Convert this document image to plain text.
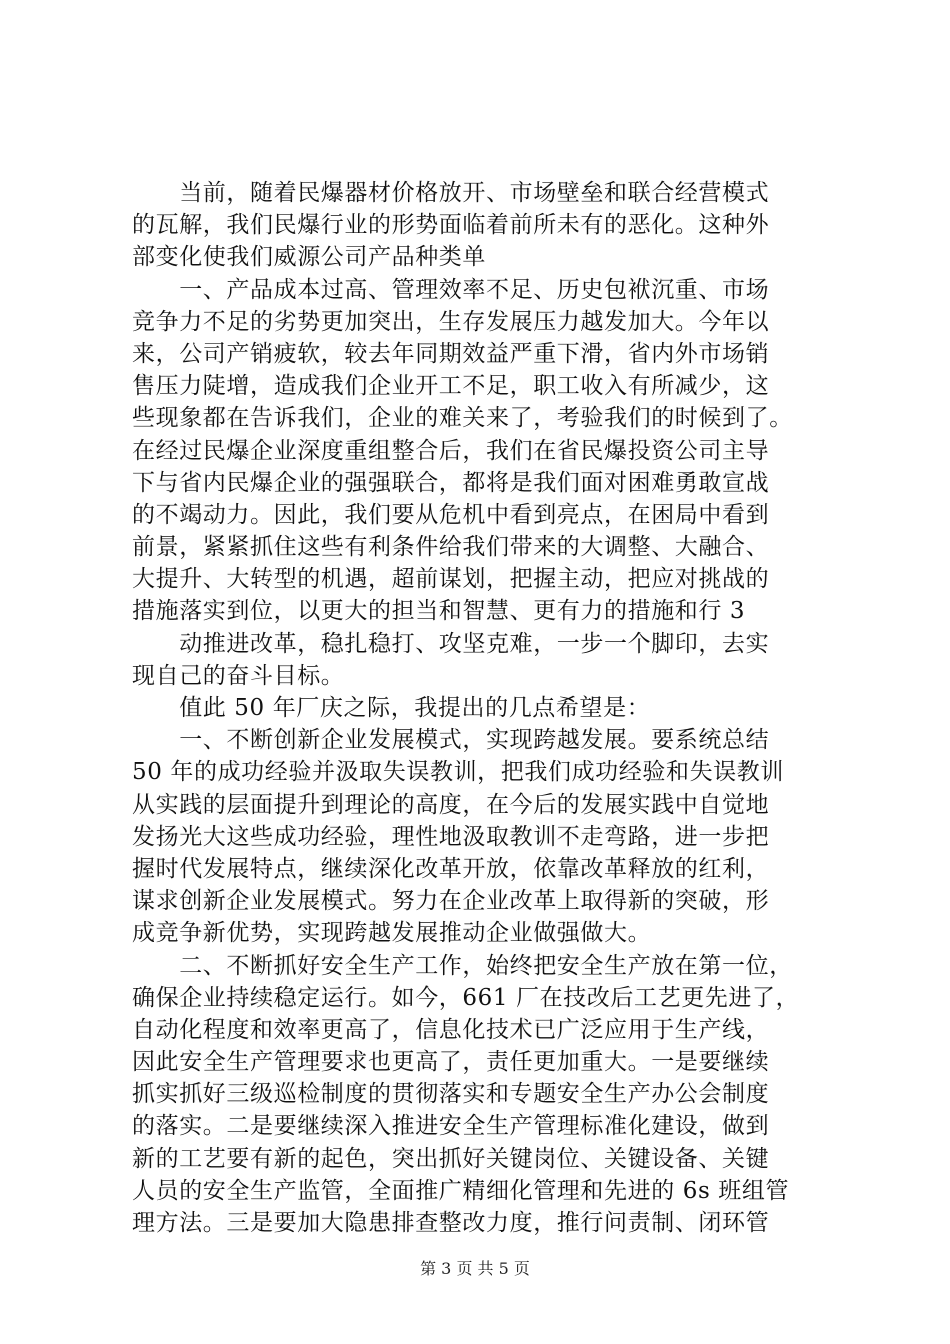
　　当前，随着民爆器材价格放开、市场壁垒和联合经营模式
的瓦解，我们民爆行业的形势面临着前所未有的恶化。这种外
部变化使我们威源公司产品种类单
　　一、产品成本过高、管理效率不足、历史包袱沉重、市场
竞争力不足的劣势更加突出，生存发展压力越发加大。今年以
来，公司产销疲软，较去年同期效益严重下滑，省内外市场销
售压力陡增，造成我们企业开工不足，职工收入有所减少，这
些现象都在告诉我们，企业的难关来了，考验我们的时候到了。
在经过民爆企业深度重组整合后，我们在省民爆投资公司主导
下与省内民爆企业的强强联合，都将是我们面对困难勇敢宣战
的不竭动力。因此，我们要从危机中看到亮点，在困局中看到
前景，紧紧抓住这些有利条件给我们带来的大调整、大融合、
大提升、大转型的机遇，超前谋划，把握主动，把应对挑战的
措施落实到位，以更大的担当和智慧、更有力的措施和行 3
　　动推进改革，稳扎稳打、攻坚克难，一步一个脚印，去实
现自己的奋斗目标。
　　值此 50 年厂庆之际，我提出的几点希望是：
　　一、不断创新企业发展模式，实现跨越发展。要系统总结
50 年的成功经验并汲取失误教训，把我们成功经验和失误教训
从实践的层面提升到理论的高度，在今后的发展实践中自觉地
发扬光大这些成功经验，理性地汲取教训不走弯路，进一步把
握时代发展特点，继续深化改革开放，依靠改革释放的红利，
谋求创新企业发展模式。努力在企业改革上取得新的突破，形
成竞争新优势，实现跨越发展推动企业做强做大。
　　二、不断抓好安全生产工作，始终把安全生产放在第一位，
确保企业持续稳定运行。如今，661 厂在技改后工艺更先进了，
自动化程度和效率更高了，信息化技术已广泛应用于生产线，
因此安全生产管理要求也更高了，责任更加重大。一是要继续
抓实抓好三级巡检制度的贯彻落实和专题安全生产办公会制度
的落实。二是要继续深入推进安全生产管理标准化建设，做到
新的工艺要有新的起色，突出抓好关键岗位、关键设备、关键
人员的安全生产监管，全面推广精细化管理和先进的 6s 班组管
理方法。三是要加大隐患排查整改力度，推行问责制、闭环管
第 3 页 共 5 页
